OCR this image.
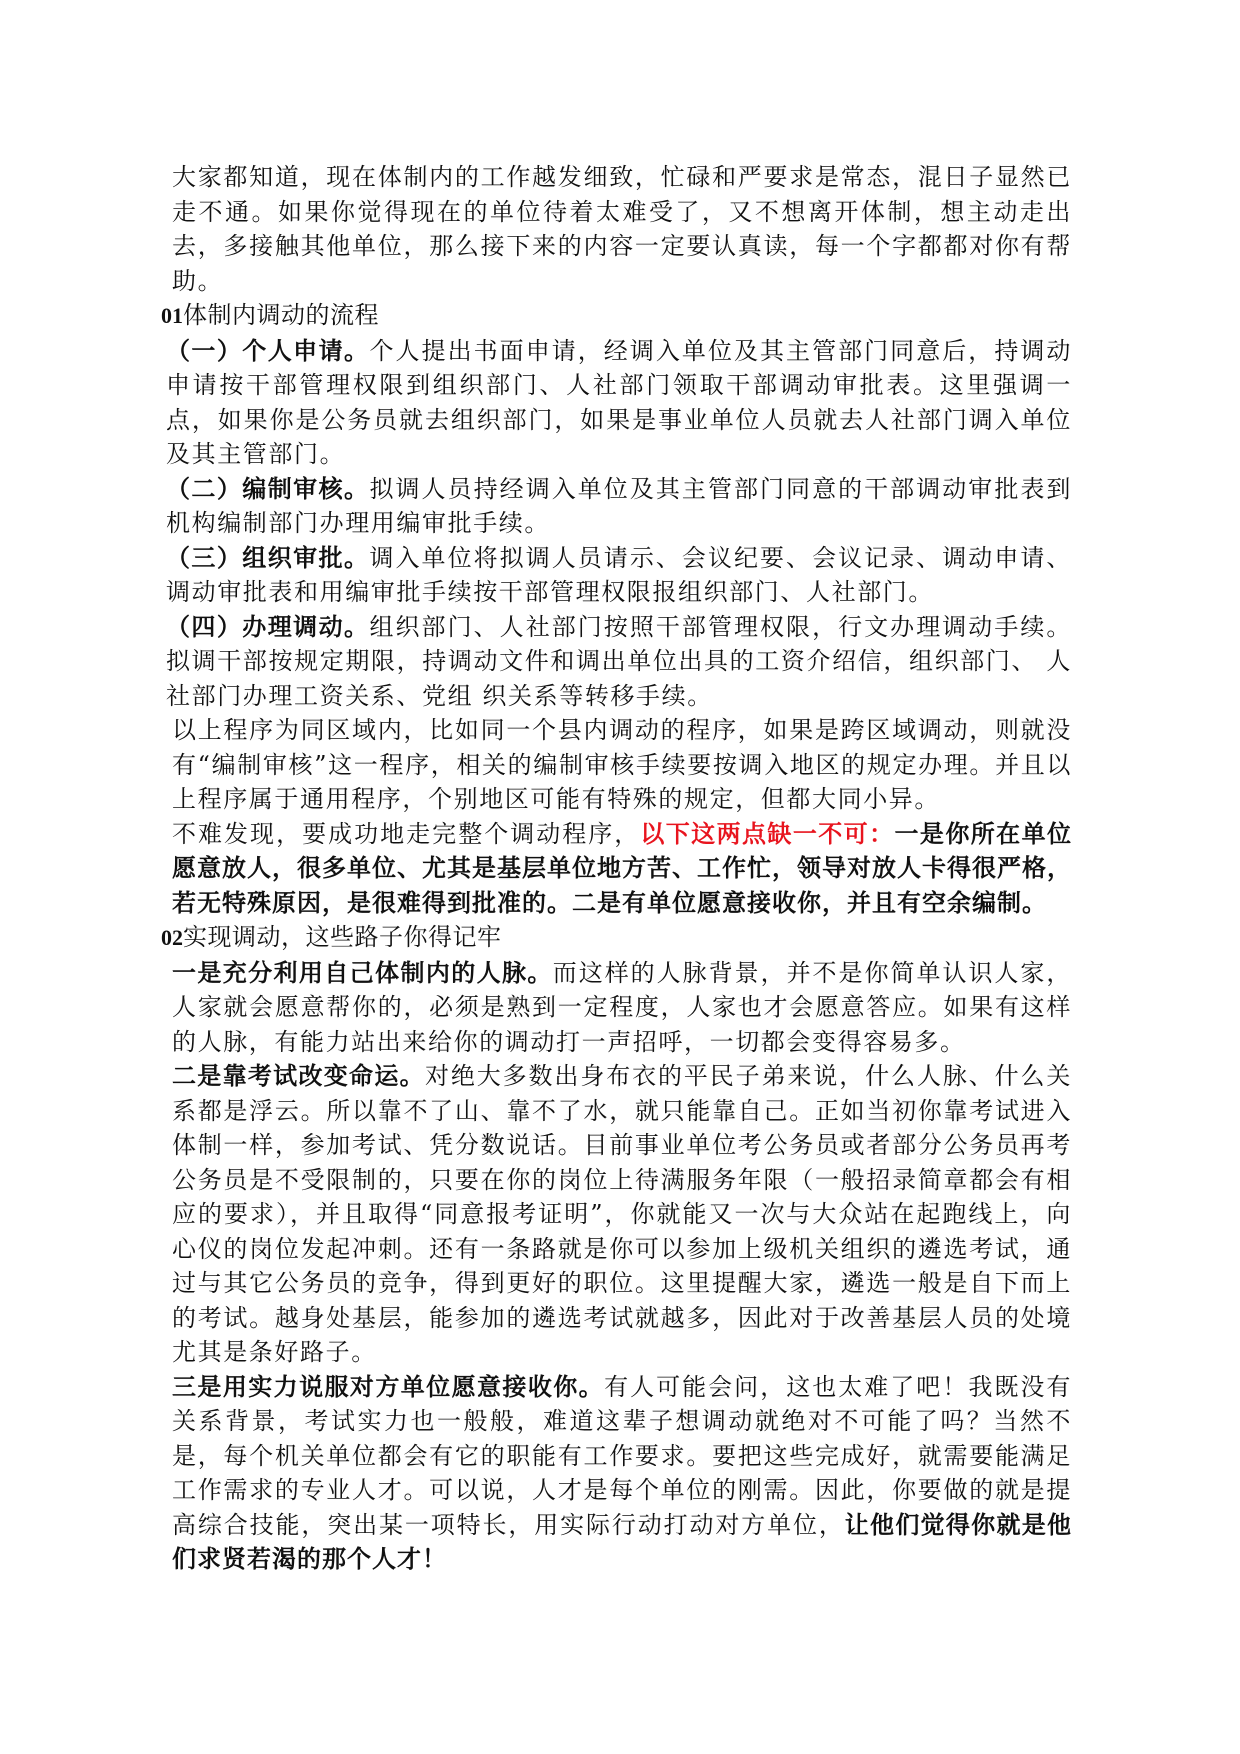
大家都知道，现在体制内的工作越发细致，忙碌和严要求是常态，混日子显然已走不通。如果你觉得现在的单位待着太难受了，又不想离开体制，想主动走出去，多接触其他单位，那么接下来的内容一定要认真读，每一个字都都对你有帮助。

01体制内调动的流程

（一）个人申请。个人提出书面申请，经调入单位及其主管部门同意后，持调动申请按干部管理权限到组织部门、人社部门领取干部调动审批表。这里强调一点，如果你是公务员就去组织部门，如果是事业单位人员就去人社部门调入单位及其主管部门。

（二）编制审核。拟调人员持经调入单位及其主管部门同意的干部调动审批表到机构编制部门办理用编审批手续。

（三）组织审批。调入单位将拟调人员请示、会议纪要、会议记录、调动申请、调动审批表和用编审批手续按干部管理权限报组织部门、人社部门。

（四）办理调动。组织部门、人社部门按照干部管理权限，行文办理调动手续。拟调干部按规定期限，持调动文件和调出单位出具的工资介绍信，组织部门、 人社部门办理工资关系、党组 织关系等转移手续。

以上程序为同区域内，比如同一个县内调动的程序，如果是跨区域调动，则就没有“编制审核”这一程序，相关的编制审核手续要按调入地区的规定办理。并且以上程序属于通用程序，个别地区可能有特殊的规定，但都大同小异。

不难发现，要成功地走完整个调动程序，以下这两点缺一不可：一是你所在单位愿意放人，很多单位、尤其是基层单位地方苦、工作忙，领导对放人卡得很严格，若无特殊原因，是很难得到批准的。二是有单位愿意接收你，并且有空余编制。

02实现调动，这些路子你得记牢

一是充分利用自己体制内的人脉。而这样的人脉背景，并不是你简单认识人家，人家就会愿意帮你的，必须是熟到一定程度，人家也才会愿意答应。如果有这样的人脉，有能力站出来给你的调动打一声招呼，一切都会变得容易多。

二是靠考试改变命运。对绝大多数出身布衣的平民子弟来说，什么人脉、什么关系都是浮云。所以靠不了山、靠不了水，就只能靠自己。正如当初你靠考试进入体制一样，参加考试、凭分数说话。目前事业单位考公务员或者部分公务员再考公务员是不受限制的，只要在你的岗位上待满服务年限（一般招录简章都会有相应的要求），并且取得“同意报考证明”，你就能又一次与大众站在起跑线上，向心仪的岗位发起冲刺。还有一条路就是你可以参加上级机关组织的遴选考试，通过与其它公务员的竞争，得到更好的职位。这里提醒大家，遴选一般是自下而上的考试。越身处基层，能参加的遴选考试就越多，因此对于改善基层人员的处境尤其是条好路子。

三是用实力说服对方单位愿意接收你。有人可能会问，这也太难了吧！我既没有关系背景，考试实力也一般般，难道这辈子想调动就绝对不可能了吗？当然不是，每个机关单位都会有它的职能有工作要求。要把这些完成好，就需要能满足工作需求的专业人才。可以说，人才是每个单位的刚需。因此，你要做的就是提高综合技能，突出某一项特长，用实际行动打动对方单位，让他们觉得你就是他们求贤若渴的那个人才！
